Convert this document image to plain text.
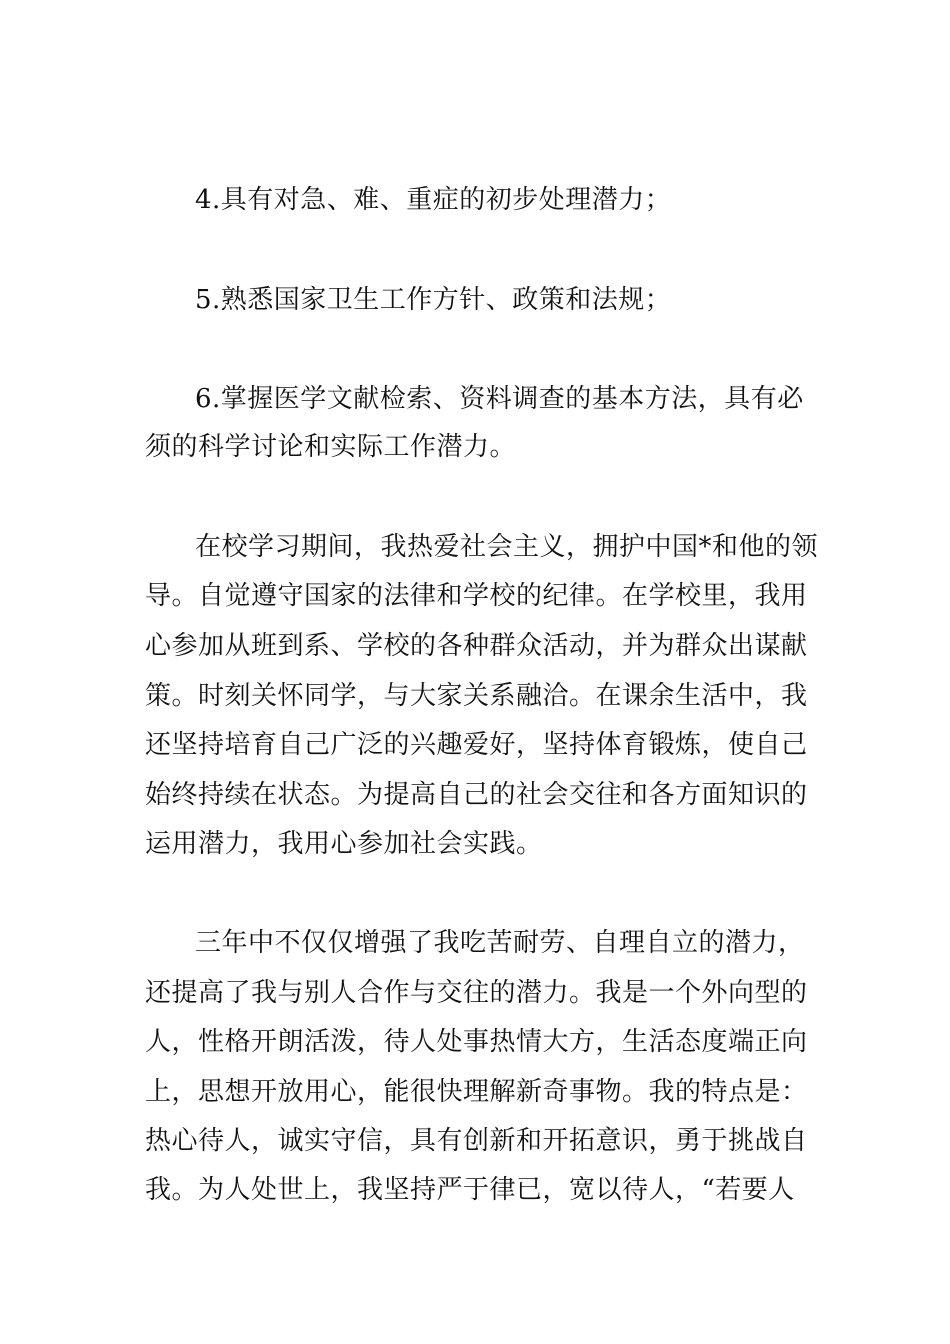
4.具有对急、难、重症的初步处理潜力；
5.熟悉国家卫生工作方针、政策和法规；
6.掌握医学文献检索、资料调查的基本方法，具有必
须的科学讨论和实际工作潜力。
在校学习期间，我热爱社会主义，拥护中国*和他的领
导。自觉遵守国家的法律和学校的纪律。在学校里，我用
心参加从班到系、学校的各种群众活动，并为群众出谋献
策。时刻关怀同学，与大家关系融洽。在课余生活中，我
还坚持培育自己广泛的兴趣爱好，坚持体育锻炼，使自己
始终持续在状态。为提高自己的社会交往和各方面知识的
运用潜力，我用心参加社会实践。
三年中不仅仅增强了我吃苦耐劳、自理自立的潜力，
还提高了我与别人合作与交往的潜力。我是一个外向型的
人，性格开朗活泼，待人处事热情大方，生活态度端正向
上，思想开放用心，能很快理解新奇事物。我的特点是：
热心待人，诚实守信，具有创新和开拓意识，勇于挑战自
我。为人处世上，我坚持严于律已，宽以待人，“若要人
